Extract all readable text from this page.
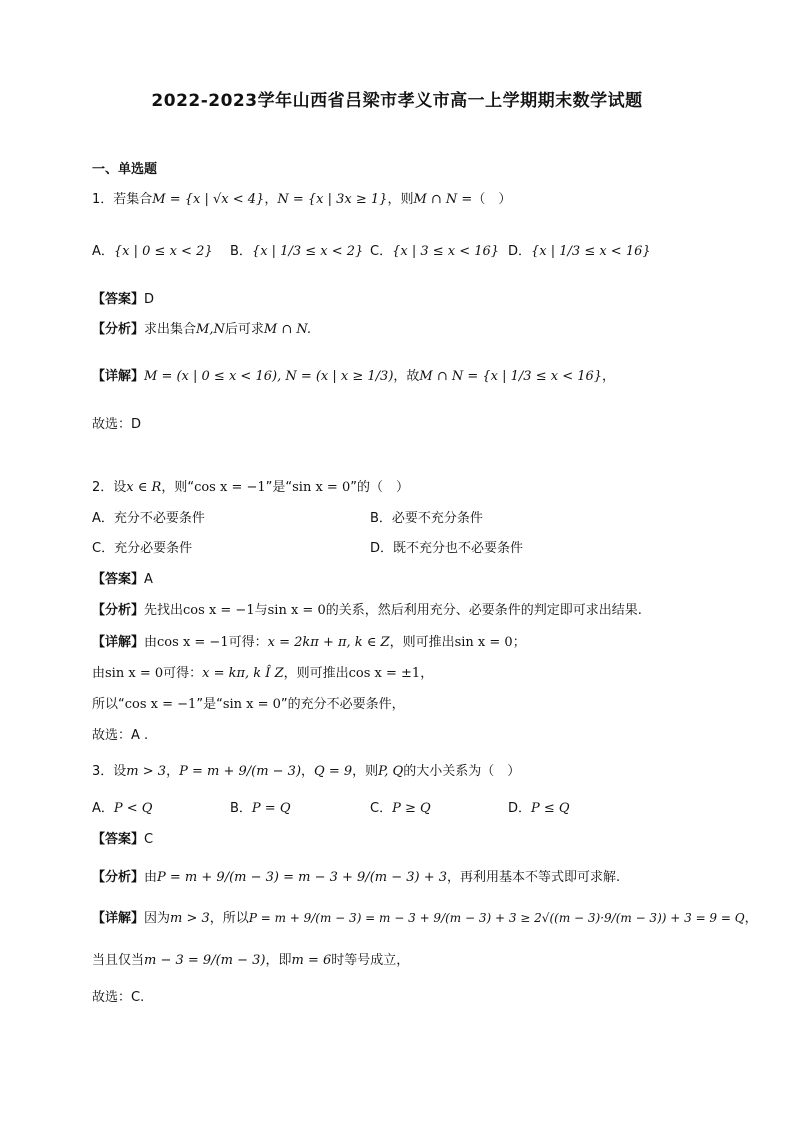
2022-2023学年山西省吕梁市孝义市高一上学期期末数学试题
一、单选题
1．若集合M = {x | √x < 4}，N = {x | 3x ≥ 1}，则M ∩ N =（　）
A．{x | 0 ≤ x < 2} B．{x | 1/3 ≤ x < 2} C．{x | 3 ≤ x < 16} D．{x | 1/3 ≤ x < 16}
【答案】D
【分析】求出集合M,N后可求M ∩ N.
【详解】M = (x | 0 ≤ x < 16), N = (x | x ≥ 1/3)，故M ∩ N = {x | 1/3 ≤ x < 16}，
故选：D
2．设x ∈ R，则“cos x = −1”是“sin x = 0”的（　）
A．充分不必要条件	B．必要不充分条件
C．充分必要条件	D．既不充分也不必要条件
【答案】A
【分析】先找出cos x = −1与sin x = 0的关系，然后利用充分、必要条件的判定即可求出结果.
【详解】由cos x = −1可得：x = 2kπ + π, k ∈ Z，则可推出sin x = 0；
由sin x = 0可得：x = kπ, k Î Z，则可推出cos x = ±1，
所以“cos x = −1”是“sin x = 0”的充分不必要条件，
故选：A .
3．设m > 3，P = m + 9/(m − 3)，Q = 9，则P, Q的大小关系为（　）
A．P < Q	B．P = Q	C．P ≥ Q	D．P ≤ Q
【答案】C
【分析】由P = m + 9/(m − 3) = m − 3 + 9/(m − 3) + 3，再利用基本不等式即可求解.
【详解】因为m > 3，所以P = m + 9/(m − 3) = m − 3 + 9/(m − 3) + 3 ≥ 2√((m − 3)·9/(m − 3)) + 3 = 9 = Q，
当且仅当m − 3 = 9/(m − 3)，即m = 6时等号成立，
故选：C.
